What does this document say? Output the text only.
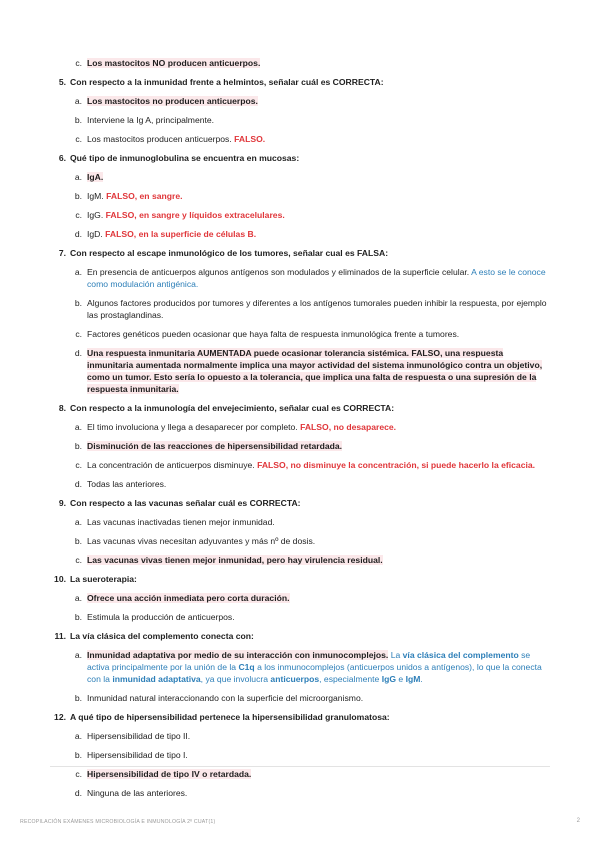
c. Los mastocitos NO producen anticuerpos.
5. Con respecto a la inmunidad frente a helmintos, señalar cuál es CORRECTA:
a. Los mastocitos no producen anticuerpos.
b. Interviene la Ig A, principalmente.
c. Los mastocitos producen anticuerpos. FALSO.
6. Qué tipo de inmunoglobulina se encuentra en mucosas:
a. IgA.
b. IgM. FALSO, en sangre.
c. IgG. FALSO, en sangre y líquidos extracelulares.
d. IgD. FALSO, en la superficie de células B.
7. Con respecto al escape inmunológico de los tumores, señalar cual es FALSA:
a. En presencia de anticuerpos algunos antígenos son modulados y eliminados de la superficie celular. A esto se le conoce como modulación antigénica.
b. Algunos factores producidos por tumores y diferentes a los antígenos tumorales pueden inhibir la respuesta, por ejemplo las prostaglandinas.
c. Factores genéticos pueden ocasionar que haya falta de respuesta inmunológica frente a tumores.
d. Una respuesta inmunitaria AUMENTADA puede ocasionar tolerancia sistémica. FALSO, una respuesta inmunitaria aumentada normalmente implica una mayor actividad del sistema inmunológico contra un objetivo, como un tumor. Esto sería lo opuesto a la tolerancia, que implica una falta de respuesta o una supresión de la respuesta inmunitaria.
8. Con respecto a la inmunología del envejecimiento, señalar cual es CORRECTA:
a. El timo involuciona y llega a desaparecer por completo. FALSO, no desaparece.
b. Disminución de las reacciones de hipersensibilidad retardada.
c. La concentración de anticuerpos disminuye. FALSO, no disminuye la concentración, si puede hacerlo la eficacia.
d. Todas las anteriores.
9. Con respecto a las vacunas señalar cuál es CORRECTA:
a. Las vacunas inactivadas tienen mejor inmunidad.
b. Las vacunas vivas necesitan adyuvantes y más nº de dosis.
c. Las vacunas vivas tienen mejor inmunidad, pero hay virulencia residual.
10. La sueroterapia:
a. Ofrece una acción inmediata pero corta duración.
b. Estimula la producción de anticuerpos.
11. La vía clásica del complemento conecta con:
a. Inmunidad adaptativa por medio de su interacción con inmunocomplejos. La vía clásica del complemento se activa principalmente por la unión de la C1q a los inmunocomplejos (anticuerpos unidos a antígenos), lo que la conecta con la inmunidad adaptativa, ya que involucra anticuerpos, especialmente IgG e IgM.
b. Inmunidad natural interaccionando con la superficie del microorganismo.
12. A qué tipo de hipersensibilidad pertenece la hipersensibilidad granulomatosa:
a. Hipersensibilidad de tipo II.
b. Hipersensibilidad de tipo I.
c. Hipersensibilidad de tipo IV o retardada.
d. Ninguna de las anteriores.
RECOPILACIÓN EXÁMENES MICROBIOLOGÍA E INMUNOLOGÍA 2º CUAT(1)	2
